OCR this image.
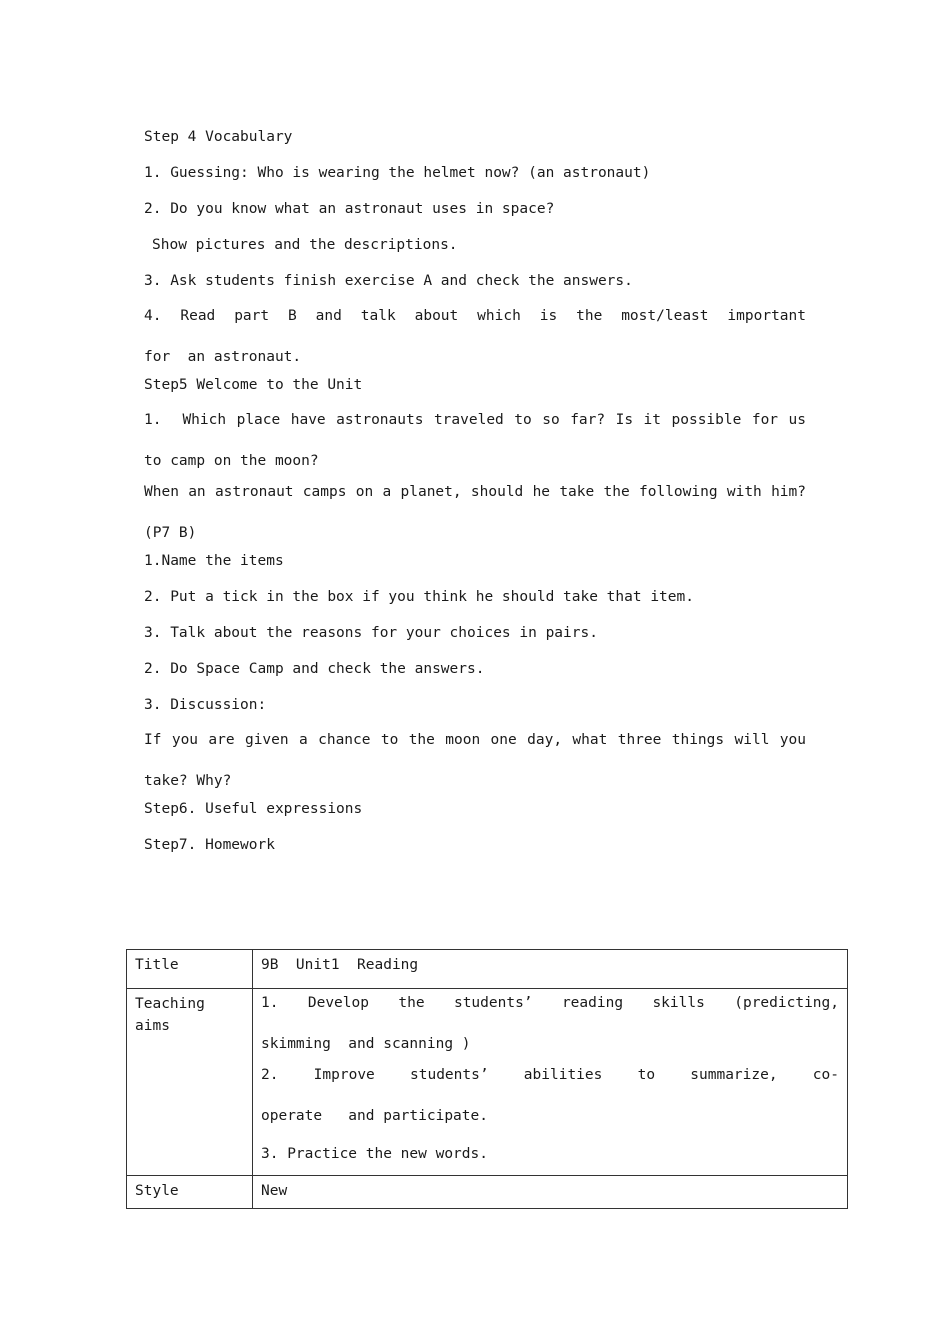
Step 4 Vocabulary
1. Guessing: Who is wearing the helmet now? (an astronaut)
2. Do you know what an astronaut uses in space?
Show pictures and the descriptions.
3. Ask students finish exercise A and check the answers.
4.  Read  part  B  and  talk  about  which  is  the  most/least  important  for  an astronaut.
Step5 Welcome to the Unit
1.  Which place have astronauts traveled to so far? Is it possible for us to camp on the moon?
When an astronaut camps on a planet, should he take the following with him? (P7 B)
1.Name the items
2. Put a tick in the box if you think he should take that item.
3. Talk about the reasons for your choices in pairs.
2. Do Space Camp and check the answers.
3. Discussion:
If you are given a chance to the moon one day, what three things will you take? Why?
Step6. Useful expressions
Step7. Homework
Title	9B  Unit1  Reading
Teaching aims	1.  Develop  the  students’  reading  skills  (predicting,  skimming  and scanning )
2.   Improve   students’   abilities   to   summarize,   co-operate   and participate.
3. Practice the new words.

Style	New
